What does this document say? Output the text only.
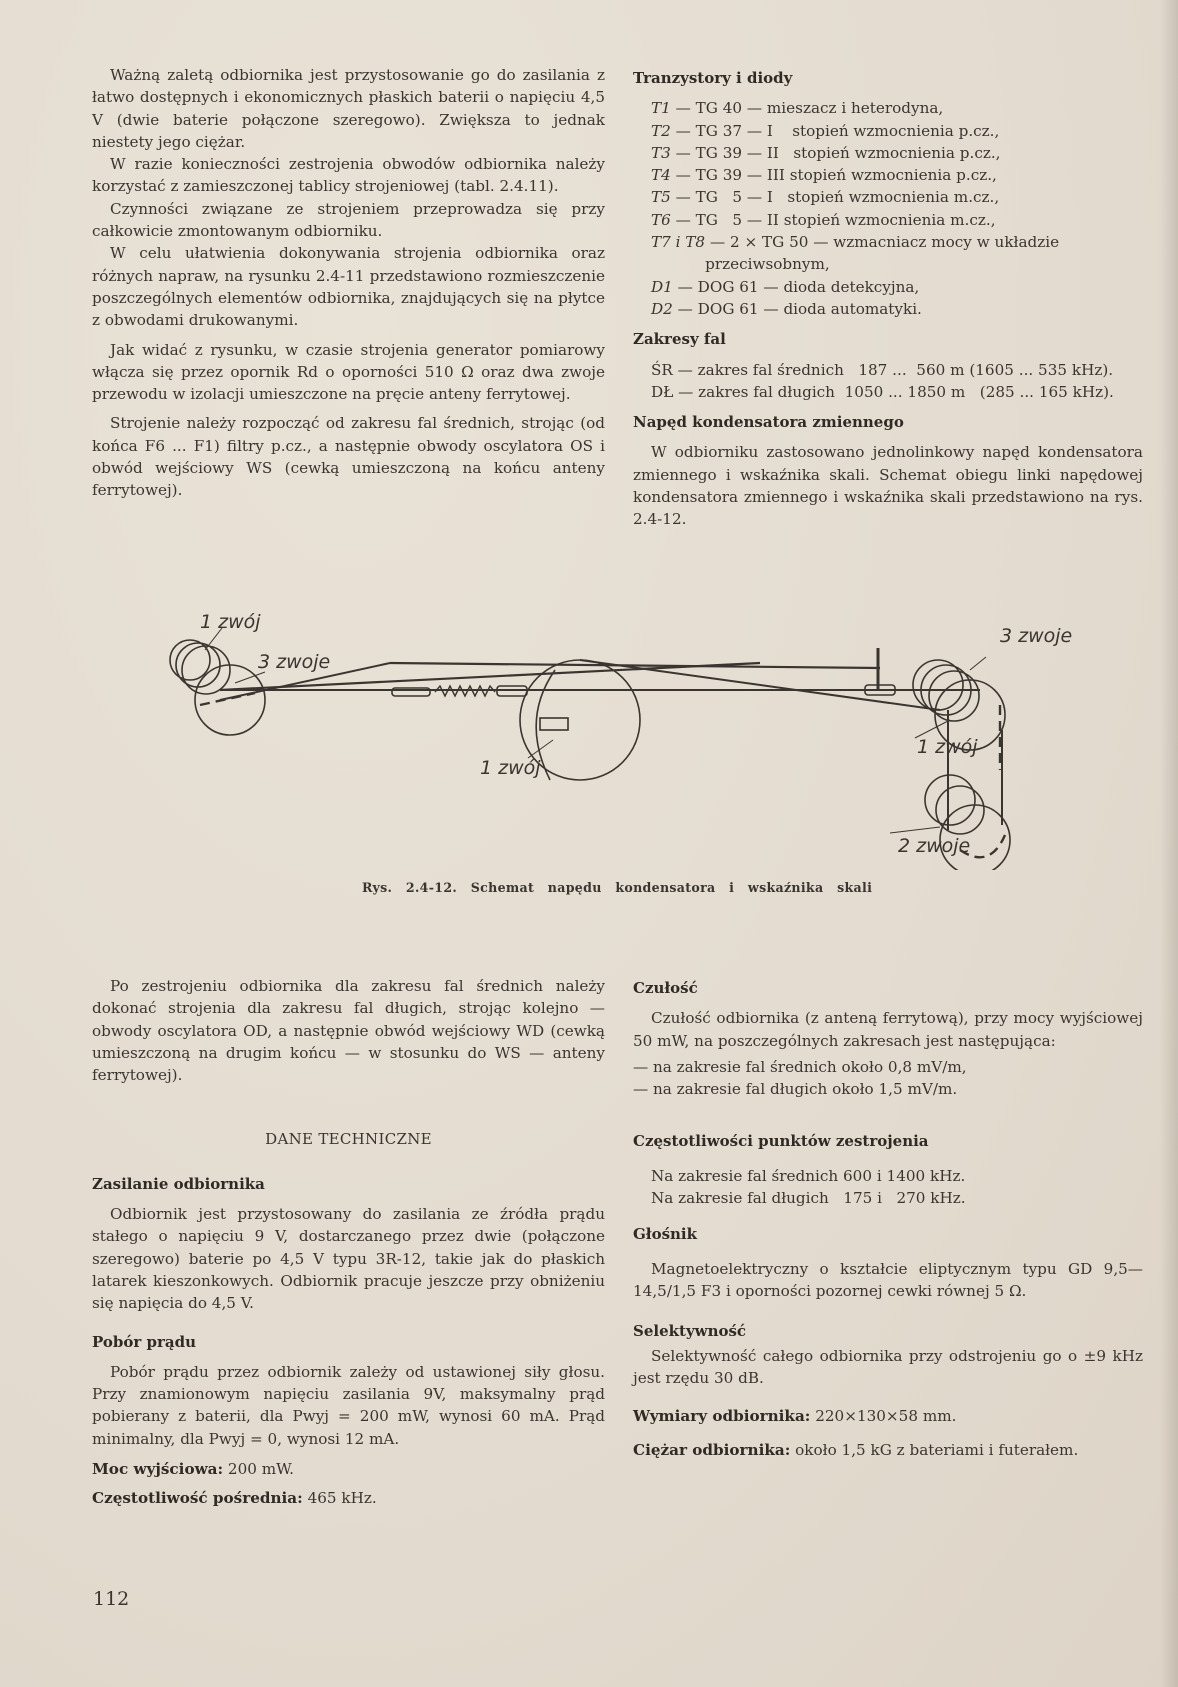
Ważną zaletą odbiornika jest przystosowanie go do zasilania z łatwo dostępnych i ekonomicznych płaskich baterii o napięciu 4,5 V (dwie baterie połączone szeregowo). Zwiększa to jednak niestety jego ciężar.

W razie konieczności zestrojenia obwodów odbiornika należy korzystać z zamieszczonej tablicy strojeniowej (tabl. 2.4.11).

Czynności związane ze strojeniem przeprowadza się przy całkowicie zmontowanym odbiorniku.

W celu ułatwienia dokonywania strojenia odbiornika oraz różnych napraw, na rysunku 2.4-11 przedstawiono rozmieszczenie poszczególnych elementów odbiornika, znajdujących się na płytce z obwodami drukowanymi.

Jak widać z rysunku, w czasie strojenia generator pomiarowy włącza się przez opornik Rd o oporności 510 Ω oraz dwa zwoje przewodu w izolacji umieszczone na pręcie anteny ferrytowej.

Strojenie należy rozpocząć od zakresu fal średnich, strojąc (od końca F6 ... F1) filtry p.cz., a następnie obwody oscylatora OS i obwód wejściowy WS (cewką umieszczoną na końcu anteny ferrytowej).

Tranzystory i diody
T1 — TG 40 — mieszacz i heterodyna,
T2 — TG 37 — I    stopień wzmocnienia p.cz.,
T3 — TG 39 — II   stopień wzmocnienia p.cz.,
T4 — TG 39 — III stopień wzmocnienia p.cz.,
T5 — TG   5 — I   stopień wzmocnienia m.cz.,
T6 — TG   5 — II stopień wzmocnienia m.cz.,
T7 i T8 — 2 × TG 50 — wzmacniacz mocy w układzie przeciwsobnym,
D1 — DOG 61 — dioda detekcyjna,
D2 — DOG 61 — dioda automatyki.
Zakresy fal
ŚR — zakres fal średnich   187 ...  560 m (1605 ... 535 kHz).
DŁ — zakres fal długich  1050 ... 1850 m   (285 ... 165 kHz).
Napęd kondensatora zmiennego

W odbiorniku zastosowano jednolinkowy napęd kondensatora zmiennego i wskaźnika skali. Schemat obiegu linki napędowej kondensatora zmiennego i wskaźnika skali przedstawiono na rys. 2.4-12.

1 zwój
3 zwoje
1 zwój
3 zwoje
1 zwój
2 zwoje
Rys. 2.4-12. Schemat napędu kondensatora i wskaźnika skali

Po zestrojeniu odbiornika dla zakresu fal średnich należy dokonać strojenia dla zakresu fal długich, strojąc kolejno — obwody oscylatora OD, a następnie obwód wejściowy WD (cewką umieszczoną na drugim końcu — w stosunku do WS — anteny ferrytowej).

DANE TECHNICZNE
Zasilanie odbiornika

Odbiornik jest przystosowany do zasilania ze źródła prądu stałego o napięciu 9 V, dostarczanego przez dwie (połączone szeregowo) baterie po 4,5 V typu 3R-12, takie jak do płaskich latarek kieszonkowych. Odbiornik pracuje jeszcze przy obniżeniu się napięcia do 4,5 V.

Pobór prądu

Pobór prądu przez odbiornik zależy od ustawionej siły głosu. Przy znamionowym napięciu zasilania 9V, maksymalny prąd pobierany z baterii, dla Pwyj = 200 mW, wynosi 60 mA. Prąd minimalny, dla Pwyj = 0, wynosi 12 mA.

Moc wyjściowa: 200 mW.

Częstotliwość pośrednia: 465 kHz.

Czułość

Czułość odbiornika (z anteną ferrytową), przy mocy wyjściowej 50 mW, na poszczególnych zakresach jest następująca:

— na zakresie fal średnich około 0,8 mV/m,
— na zakresie fal długich około 1,5 mV/m.
Częstotliwości punktów zestrojenia
Na zakresie fal średnich 600 i 1400 kHz.
Na zakresie fal długich   175 i   270 kHz.
Głośnik

Magnetoelektryczny o kształcie eliptycznym typu GD 9,5—14,5/1,5 F3 i oporności pozornej cewki równej 5 Ω.

Selektywność

Selektywność całego odbiornika przy odstrojeniu go o ±9 kHz jest rzędu 30 dB.

Wymiary odbiornika: 220×130×58 mm.

Ciężar odbiornika: około 1,5 kG z bateriami i futerałem.

112
